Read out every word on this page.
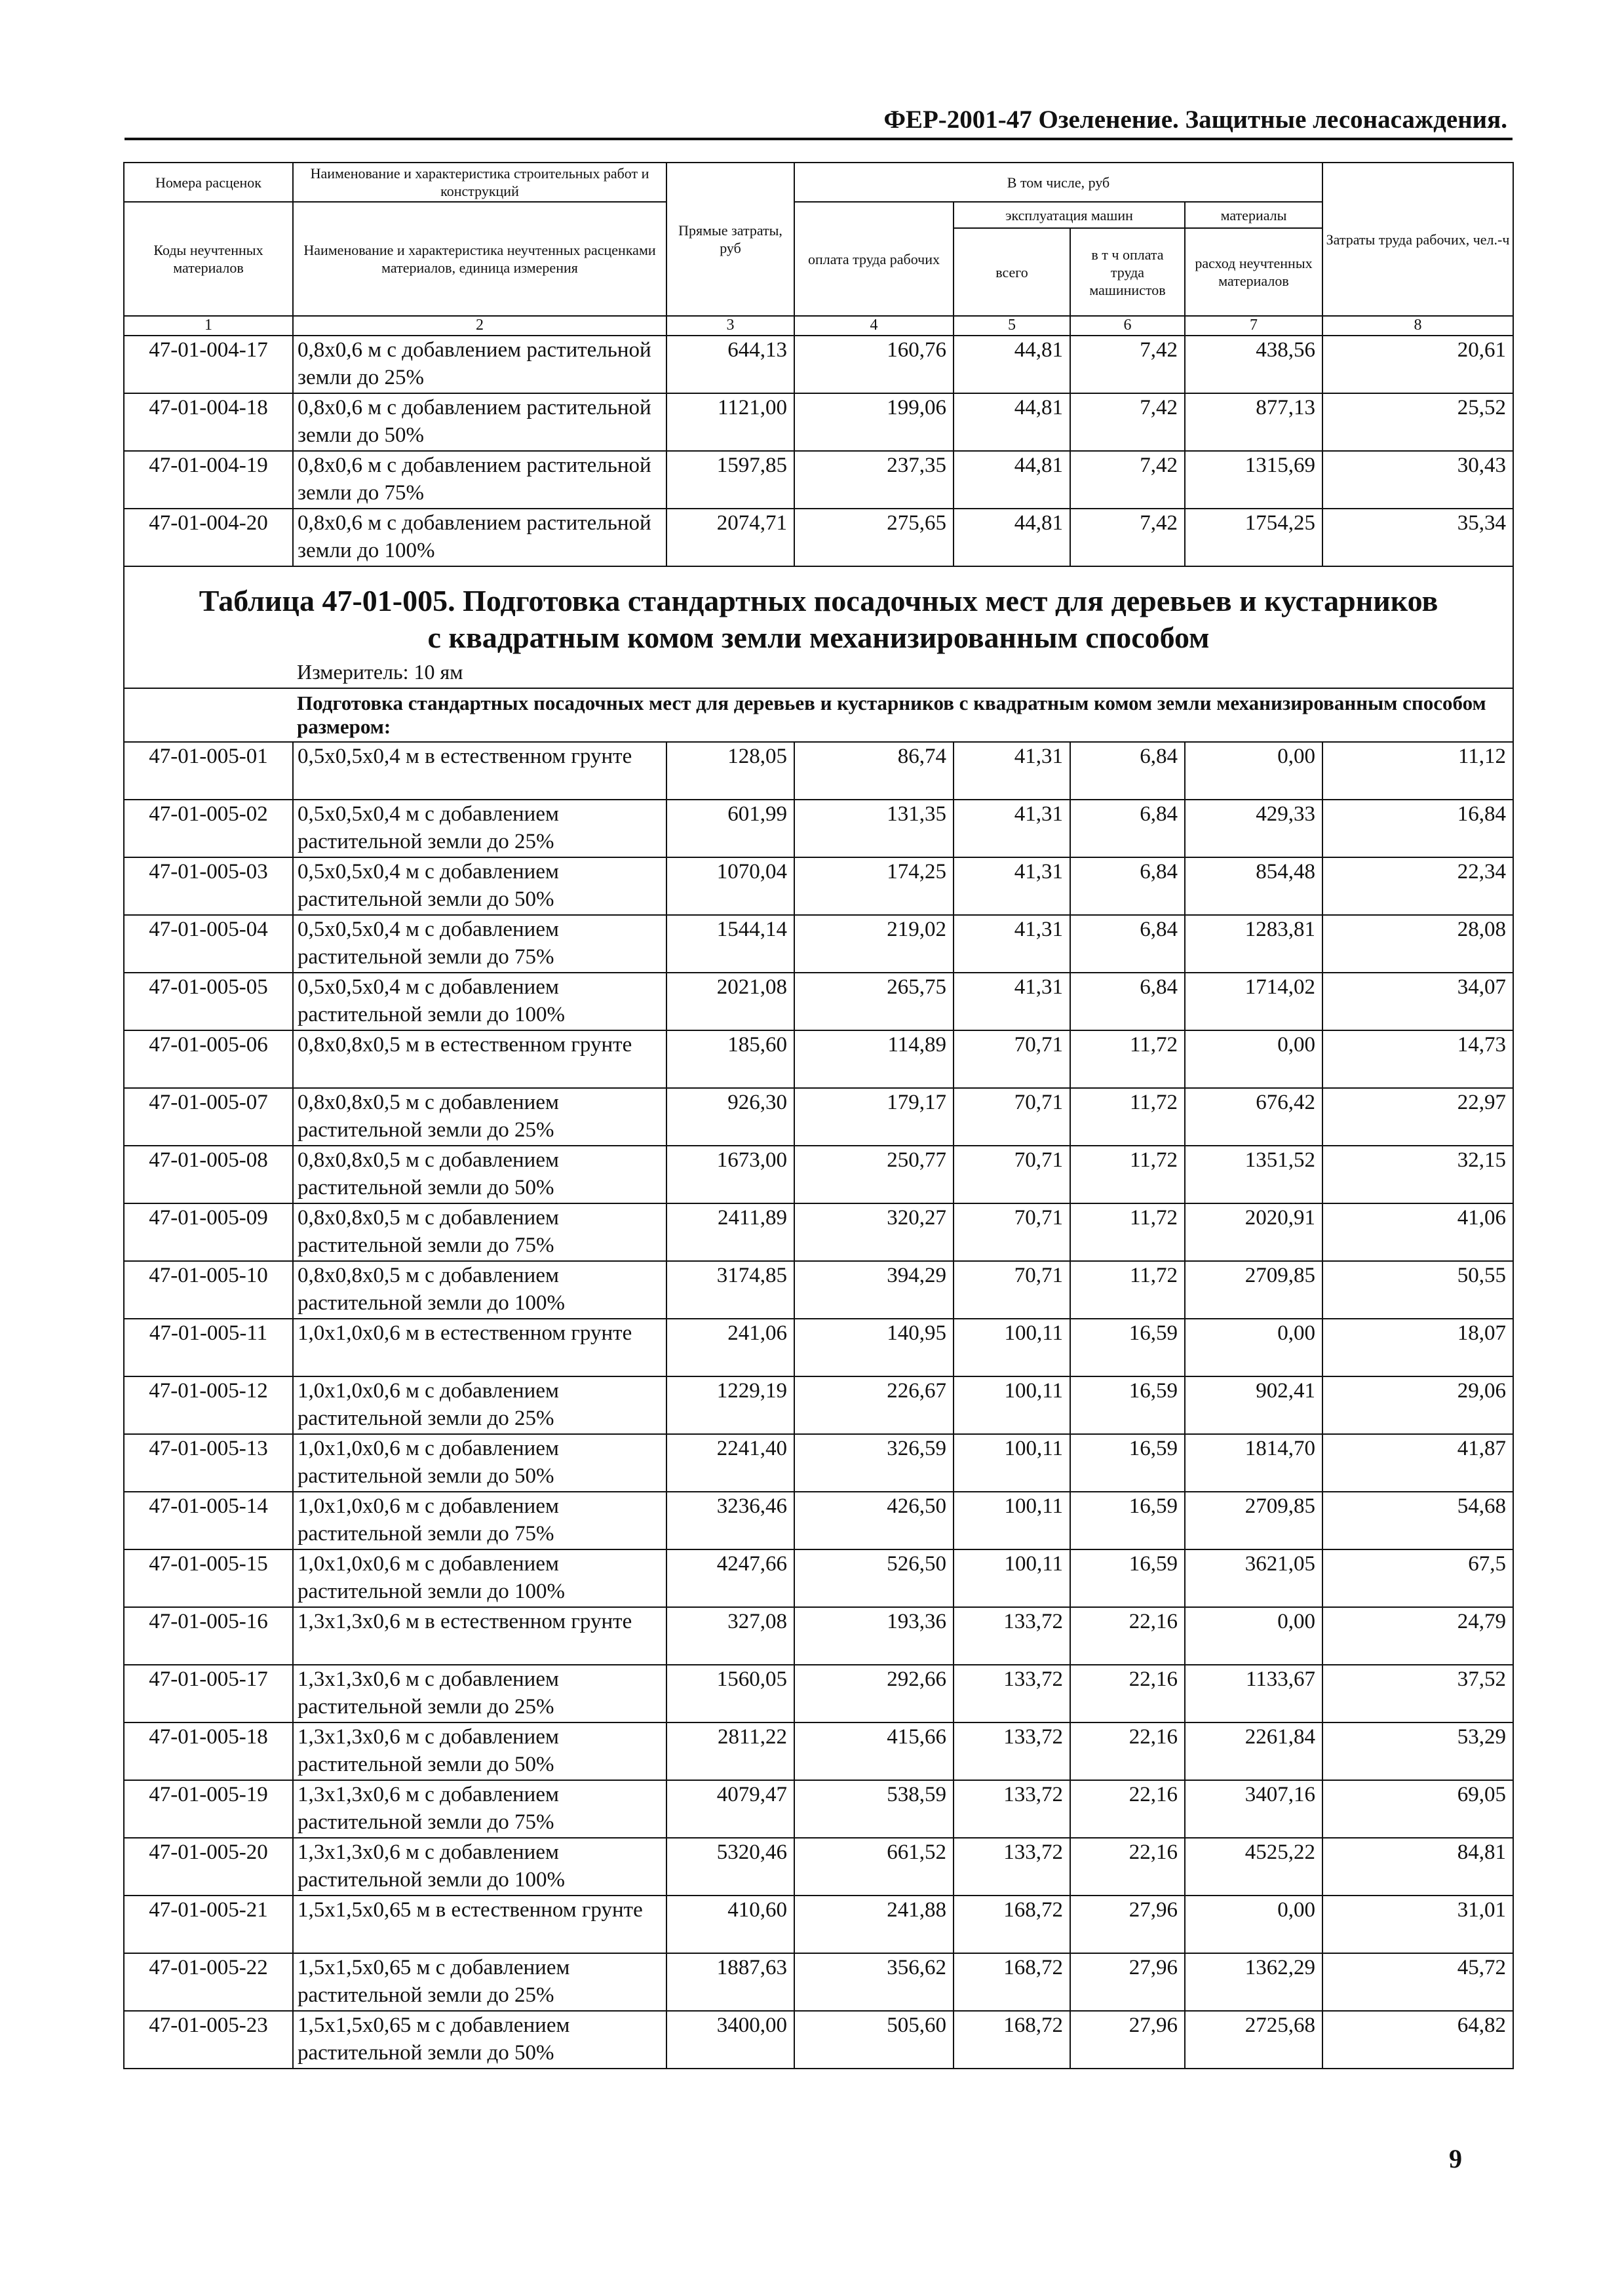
ФЕР-2001-47 Озеленение. Защитные лесонасаждения.
Номера расценок	Наименование и характеристика строительных работ и конструкций	Прямые затраты, руб	В том числе, руб				Затраты труда рабочих, чел.-ч
Коды неучтенных материалов	Наименование и характеристика неучтенных расценками материалов, единица измерения		оплата труда рабочих	эксплуатация машин		материалы	
				всего	в т ч оплата труда машинистов	расход неучтенных материалов	
1	2	3	4	5	6	7	8
47-01-004-17	0,8х0,6 м с добавлением растительной земли до 25%	644,13	160,76	44,81	7,42	438,56	20,61
47-01-004-18	0,8х0,6 м с добавлением растительной земли до 50%	1121,00	199,06	44,81	7,42	877,13	25,52
47-01-004-19	0,8х0,6 м с добавлением растительной земли до 75%	1597,85	237,35	44,81	7,42	1315,69	30,43
47-01-004-20	0,8х0,6 м с добавлением растительной земли до 100%	2074,71	275,65	44,81	7,42	1754,25	35,34

Таблица 47-01-005. Подготовка стандартных посадочных мест для деревьев и кустарников
с квадратным комом земли механизированным способом							

	Измеритель: 10 ям						
	Подготовка стандартных посадочных мест для деревьев и кустарников с квадратным комом земли механизированным способом размером:						
47-01-005-01	0,5х0,5х0,4 м в естественном грунте	128,05	86,74	41,31	6,84	0,00	11,12
47-01-005-02	0,5х0,5х0,4 м с добавлением растительной земли до 25%	601,99	131,35	41,31	6,84	429,33	16,84
47-01-005-03	0,5х0,5х0,4 м с добавлением растительной земли до 50%	1070,04	174,25	41,31	6,84	854,48	22,34
47-01-005-04	0,5х0,5х0,4 м с добавлением растительной земли до 75%	1544,14	219,02	41,31	6,84	1283,81	28,08
47-01-005-05	0,5х0,5х0,4 м с добавлением растительной земли до 100%	2021,08	265,75	41,31	6,84	1714,02	34,07
47-01-005-06	0,8х0,8х0,5 м в естественном грунте	185,60	114,89	70,71	11,72	0,00	14,73
47-01-005-07	0,8х0,8х0,5 м с добавлением растительной земли до 25%	926,30	179,17	70,71	11,72	676,42	22,97
47-01-005-08	0,8х0,8х0,5 м с добавлением растительной земли до 50%	1673,00	250,77	70,71	11,72	1351,52	32,15
47-01-005-09	0,8х0,8х0,5 м с добавлением растительной земли до 75%	2411,89	320,27	70,71	11,72	2020,91	41,06
47-01-005-10	0,8х0,8х0,5 м с добавлением растительной земли до 100%	3174,85	394,29	70,71	11,72	2709,85	50,55
47-01-005-11	1,0х1,0х0,6 м в естественном грунте	241,06	140,95	100,11	16,59	0,00	18,07
47-01-005-12	1,0х1,0х0,6 м с добавлением растительной земли до 25%	1229,19	226,67	100,11	16,59	902,41	29,06
47-01-005-13	1,0х1,0х0,6 м с добавлением растительной земли до 50%	2241,40	326,59	100,11	16,59	1814,70	41,87
47-01-005-14	1,0х1,0х0,6 м с добавлением растительной земли до 75%	3236,46	426,50	100,11	16,59	2709,85	54,68
47-01-005-15	1,0х1,0х0,6 м с добавлением растительной земли до 100%	4247,66	526,50	100,11	16,59	3621,05	67,5
47-01-005-16	1,3х1,3х0,6 м в естественном грунте	327,08	193,36	133,72	22,16	0,00	24,79
47-01-005-17	1,3х1,3х0,6 м с добавлением растительной земли до 25%	1560,05	292,66	133,72	22,16	1133,67	37,52
47-01-005-18	1,3х1,3х0,6 м с добавлением растительной земли до 50%	2811,22	415,66	133,72	22,16	2261,84	53,29
47-01-005-19	1,3х1,3х0,6 м с добавлением растительной земли до 75%	4079,47	538,59	133,72	22,16	3407,16	69,05
47-01-005-20	1,3х1,3х0,6 м с добавлением растительной земли до 100%	5320,46	661,52	133,72	22,16	4525,22	84,81
47-01-005-21	1,5х1,5х0,65 м в естественном грунте	410,60	241,88	168,72	27,96	0,00	31,01
47-01-005-22	1,5х1,5х0,65 м с добавлением растительной земли до 25%	1887,63	356,62	168,72	27,96	1362,29	45,72
47-01-005-23	1,5х1,5х0,65 м с добавлением растительной земли до 50%	3400,00	505,60	168,72	27,96	2725,68	64,82
9
